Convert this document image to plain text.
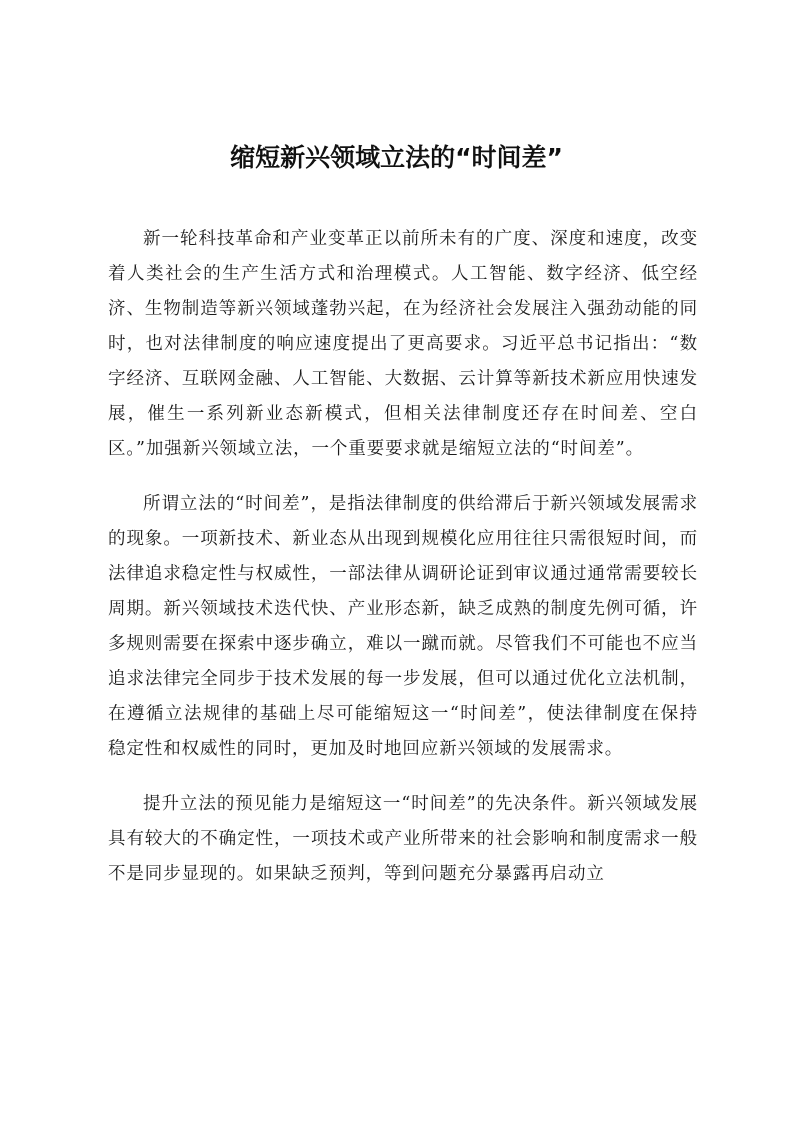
缩短新兴领域立法的“时间差”

新一轮科技革命和产业变革正以前所未有的广度、深度和速度，改变着人类社会的生产生活方式和治理模式。人工智能、数字经济、低空经济、生物制造等新兴领域蓬勃兴起，在为经济社会发展注入强劲动能的同时，也对法律制度的响应速度提出了更高要求。习近平总书记指出：“数字经济、互联网金融、人工智能、大数据、云计算等新技术新应用快速发展，催生一系列新业态新模式，但相关法律制度还存在时间差、空白区。”加强新兴领域立法，一个重要要求就是缩短立法的“时间差”。

所谓立法的“时间差”，是指法律制度的供给滞后于新兴领域发展需求的现象。一项新技术、新业态从出现到规模化应用往往只需很短时间，而法律追求稳定性与权威性，一部法律从调研论证到审议通过通常需要较长周期。新兴领域技术迭代快、产业形态新，缺乏成熟的制度先例可循，许多规则需要在探索中逐步确立，难以一蹴而就。尽管我们不可能也不应当追求法律完全同步于技术发展的每一步发展，但可以通过优化立法机制，在遵循立法规律的基础上尽可能缩短这一“时间差”，使法律制度在保持稳定性和权威性的同时，更加及时地回应新兴领域的发展需求。

提升立法的预见能力是缩短这一“时间差”的先决条件。新兴领域发展具有较大的不确定性，一项技术或产业所带来的社会影响和制度需求一般不是同步显现的。如果缺乏预判，等到问题充分暴露再启动立
